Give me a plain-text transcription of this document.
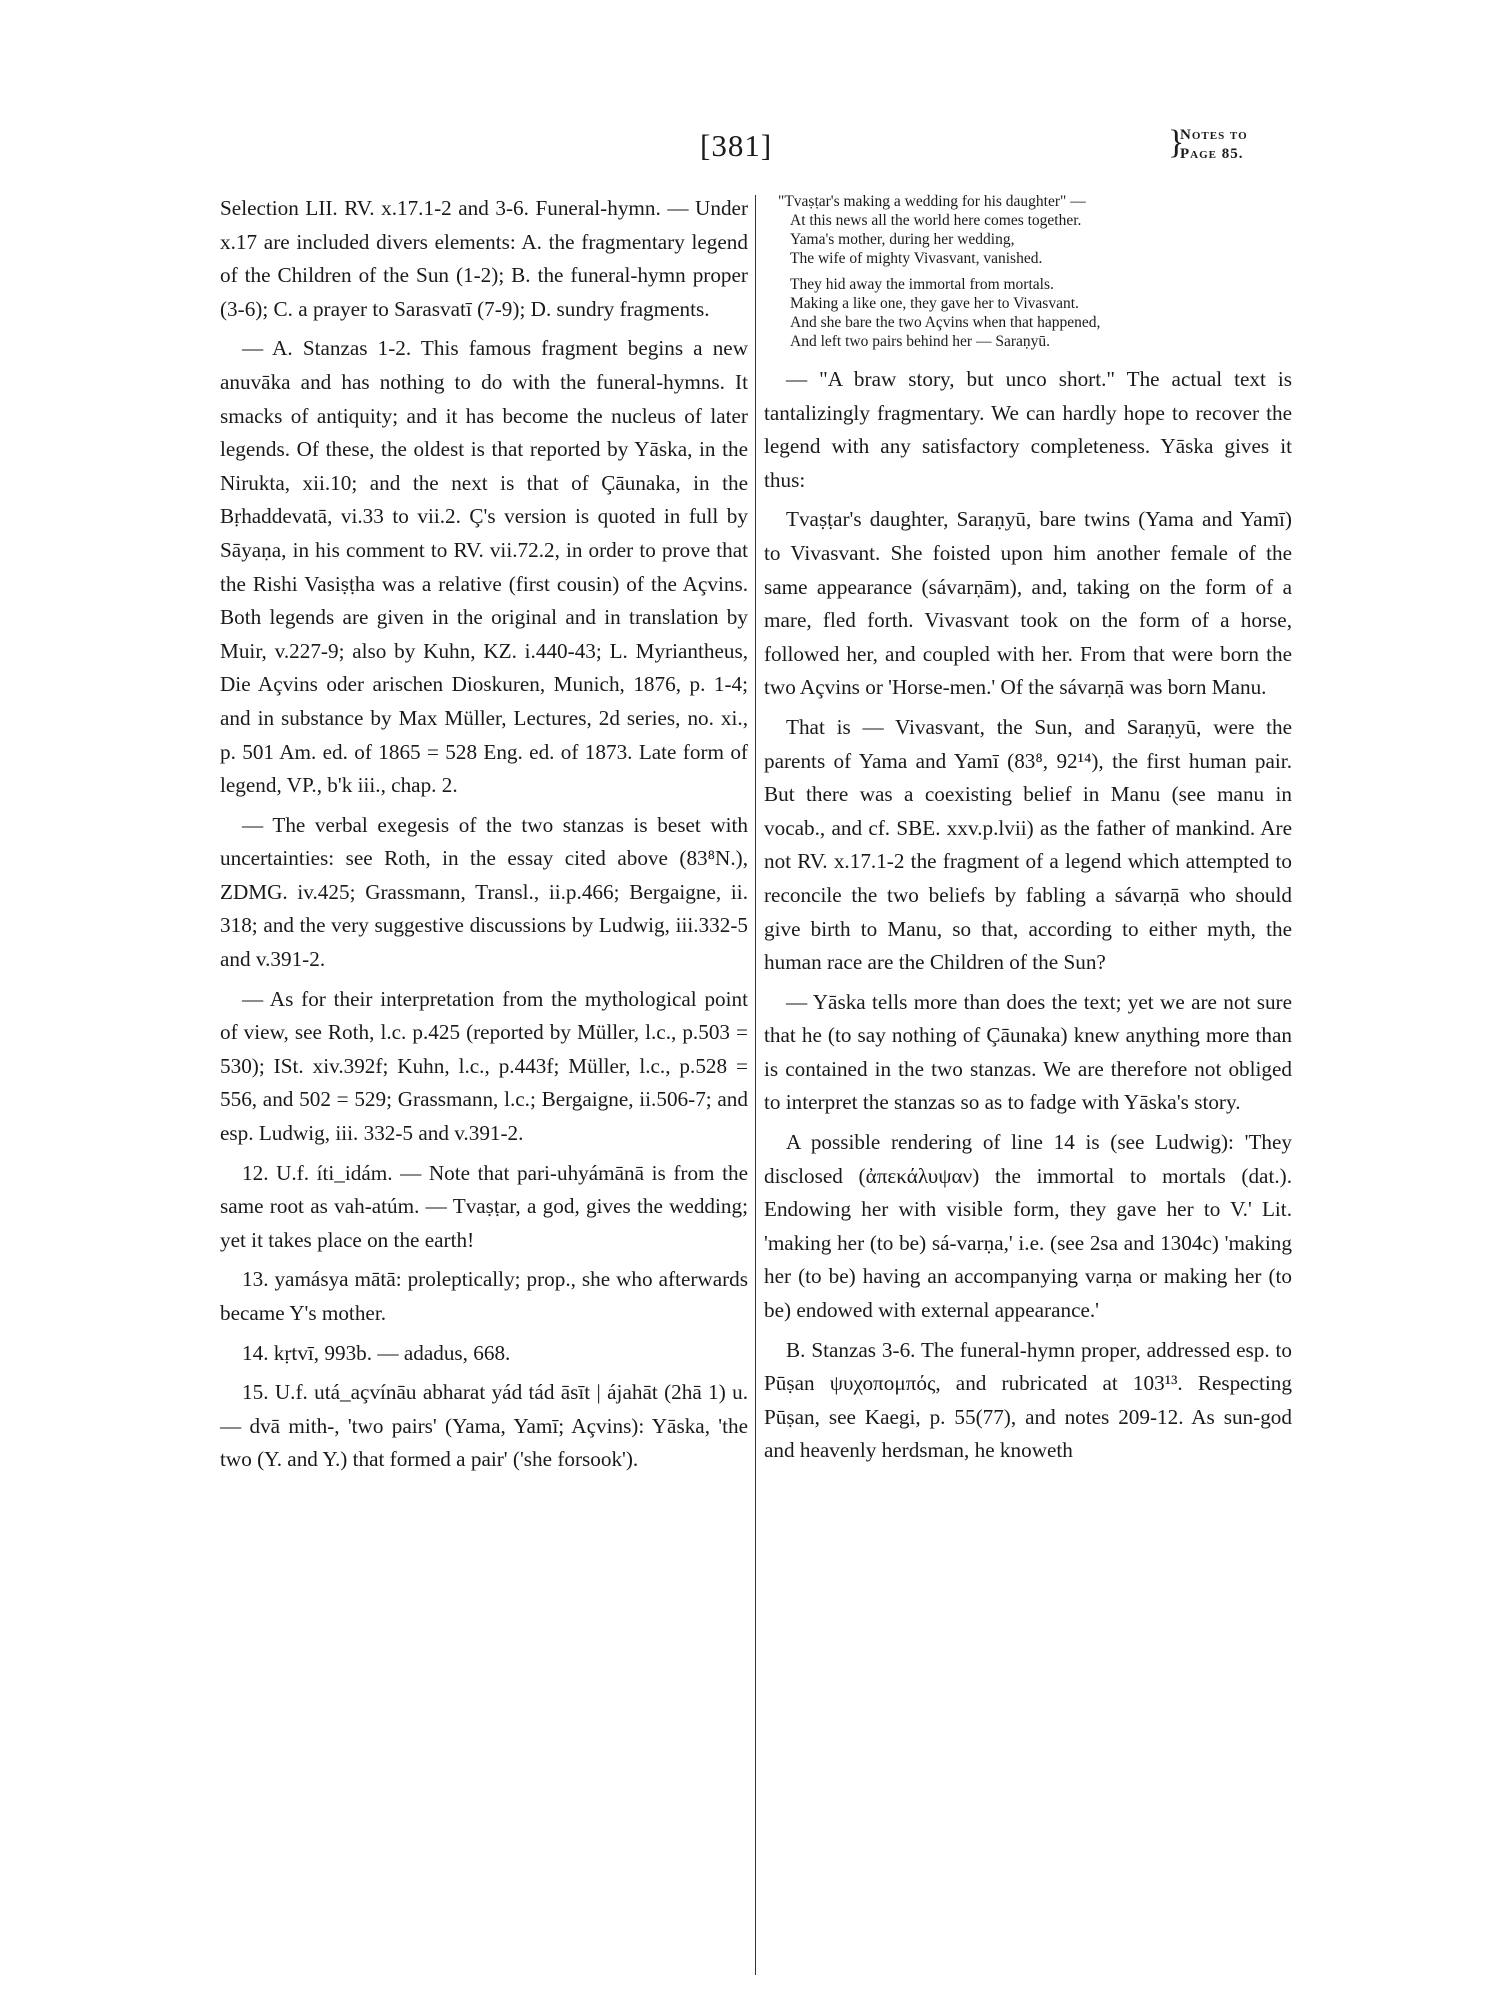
[381]	}
Notes to
Page 85.

Selection LII. RV. x.17.1-2 and 3-6. Funeral-hymn. — Under x.17 are included divers elements: A. the fragmentary legend of the Children of the Sun (1-2); B. the funeral-hymn proper (3-6); C. a prayer to Sarasvatī (7-9); D. sundry fragments.

— A. Stanzas 1-2. This famous fragment begins a new anuvāka and has nothing to do with the funeral-hymns. It smacks of antiquity; and it has become the nucleus of later legends. Of these, the oldest is that reported by Yāska, in the Nirukta, xii.10; and the next is that of Çāunaka, in the Bṛhaddevatā, vi.33 to vii.2. Ç's version is quoted in full by Sāyaṇa, in his comment to RV. vii.72.2, in order to prove that the Rishi Vasiṣṭha was a relative (first cousin) of the Açvins. Both legends are given in the original and in translation by Muir, v.227-9; also by Kuhn, KZ. i.440-43; L. Myriantheus, Die Açvins oder arischen Dioskuren, Munich, 1876, p. 1-4; and in substance by Max Müller, Lectures, 2d series, no. xi., p. 501 Am. ed. of 1865 = 528 Eng. ed. of 1873. Late form of legend, VP., b'k iii., chap. 2.

— The verbal exegesis of the two stanzas is beset with uncertainties: see Roth, in the essay cited above (83⁸N.), ZDMG. iv.425; Grassmann, Transl., ii.p.466; Bergaigne, ii. 318; and the very suggestive discussions by Ludwig, iii.332-5 and v.391-2.

— As for their interpretation from the mythological point of view, see Roth, l.c. p.425 (reported by Müller, l.c., p.503 = 530); ISt. xiv.392f; Kuhn, l.c., p.443f; Müller, l.c., p.528 = 556, and 502 = 529; Grassmann, l.c.; Bergaigne, ii.506-7; and esp. Ludwig, iii. 332-5 and v.391-2.

12. U.f. íti_idám. — Note that pari-uhyámānā is from the same root as vah-atúm. — Tvaṣṭar, a god, gives the wedding; yet it takes place on the earth!

13. yamásya mātā: proleptically; prop., she who afterwards became Y's mother.

14. kṛtvī, 993b. — adadus, 668.

15. U.f. utá_açvínāu abharat yád tád āsīt | ájahāt (2hā 1) u. — dvā mith-, 'two pairs' (Yama, Yamī; Açvins): Yāska, 'the two (Y. and Y.) that formed a pair' ('she forsook').

"Tvaṣṭar's making a wedding for his daughter" —
At this news all the world here comes together.
Yama's mother, during her wedding,
The wife of mighty Vivasvant, vanished.
They hid away the immortal from mortals.
Making a like one, they gave her to Vivasvant.
And she bare the two Açvins when that happened,
And left two pairs behind her — Saraṇyū.

— "A braw story, but unco short." The actual text is tantalizingly fragmentary. We can hardly hope to recover the legend with any satisfactory completeness. Yāska gives it thus:

Tvaṣṭar's daughter, Saraṇyū, bare twins (Yama and Yamī) to Vivasvant. She foisted upon him another female of the same appearance (sávarṇām), and, taking on the form of a mare, fled forth. Vivasvant took on the form of a horse, followed her, and coupled with her. From that were born the two Açvins or 'Horse-men.' Of the sávarṇā was born Manu.

That is — Vivasvant, the Sun, and Saraṇyū, were the parents of Yama and Yamī (83⁸, 92¹⁴), the first human pair. But there was a coexisting belief in Manu (see manu in vocab., and cf. SBE. xxv.p.lvii) as the father of mankind. Are not RV. x.17.1-2 the fragment of a legend which attempted to reconcile the two beliefs by fabling a sávarṇā who should give birth to Manu, so that, according to either myth, the human race are the Children of the Sun?

— Yāska tells more than does the text; yet we are not sure that he (to say nothing of Çāunaka) knew anything more than is contained in the two stanzas. We are therefore not obliged to interpret the stanzas so as to fadge with Yāska's story.

A possible rendering of line 14 is (see Ludwig): 'They disclosed (ἀπεκάλυψαν) the immortal to mortals (dat.). Endowing her with visible form, they gave her to V.' Lit. 'making her (to be) sá-varṇa,' i.e. (see 2sa and 1304c) 'making her (to be) having an accompanying varṇa or making her (to be) endowed with external appearance.'

B. Stanzas 3-6. The funeral-hymn proper, addressed esp. to Pūṣan ψυχοπομπός, and rubricated at 103¹³. Respecting Pūṣan, see Kaegi, p. 55(77), and notes 209-12. As sun-god and heavenly herdsman, he knoweth
